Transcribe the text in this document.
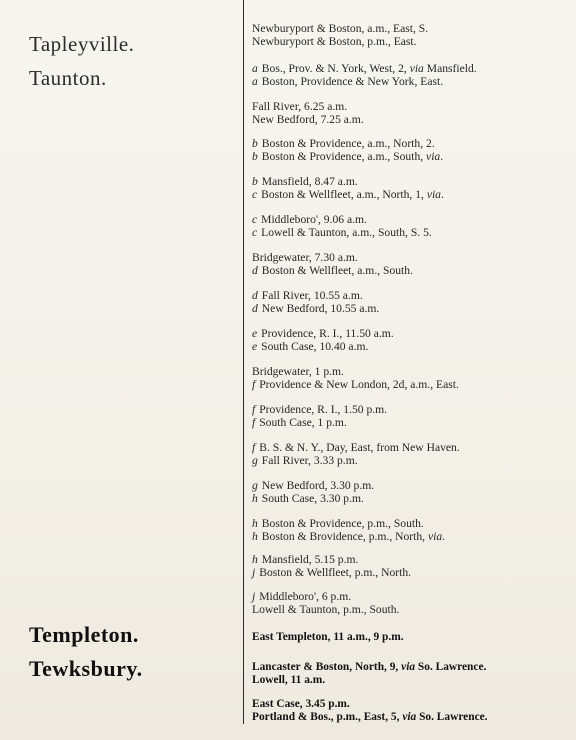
Tapleyville.
Taunton.
Templeton.
Tewksbury.
Newburyport & Boston, a.m., East, S.
Newburyport & Boston, p.m., East.
a Bos., Prov. & N. York, West, 2, via Mansfield.
a Boston, Providence & New York, East.
Fall River, 6.25 a.m.
New Bedford, 7.25 a.m.
b Boston & Providence, a.m., North, 2.
b Boston & Providence, a.m., South, via.
b Mansfield, 8.47 a.m.
c Boston & Wellfleet, a.m., North, 1, via.
c Middleboro', 9.06 a.m.
c Lowell & Taunton, a.m., South, S. 5.
Bridgewater, 7.30 a.m.
d Boston & Wellfleet, a.m., South.
d Fall River, 10.55 a.m.
d New Bedford, 10.55 a.m.
e Providence, R. I., 11.50 a.m.
e South Case, 10.40 a.m.
Bridgewater, 1 p.m.
f Providence & New London, 2d, a.m., East.
f Providence, R. I., 1.50 p.m.
f South Case, 1 p.m.
f B. S. & N. Y., Day, East, from New Haven.
g Fall River, 3.33 p.m.
g New Bedford, 3.30 p.m.
h South Case, 3.30 p.m.
h Boston & Providence, p.m., South.
h Boston & Brovidence, p.m., North, via.
h Mansfield, 5.15 p.m.
j Boston & Wellfleet, p.m., North.
j Middleboro', 6 p.m.
Lowell & Taunton, p.m., South.
East Templeton, 11 a.m., 9 p.m.
Lancaster & Boston, North, 9, via So. Lawrence.
Lowell, 11 a.m.
East Case, 3.45 p.m.
Portland & Bos., p.m., East, 5, via So. Lawrence.
